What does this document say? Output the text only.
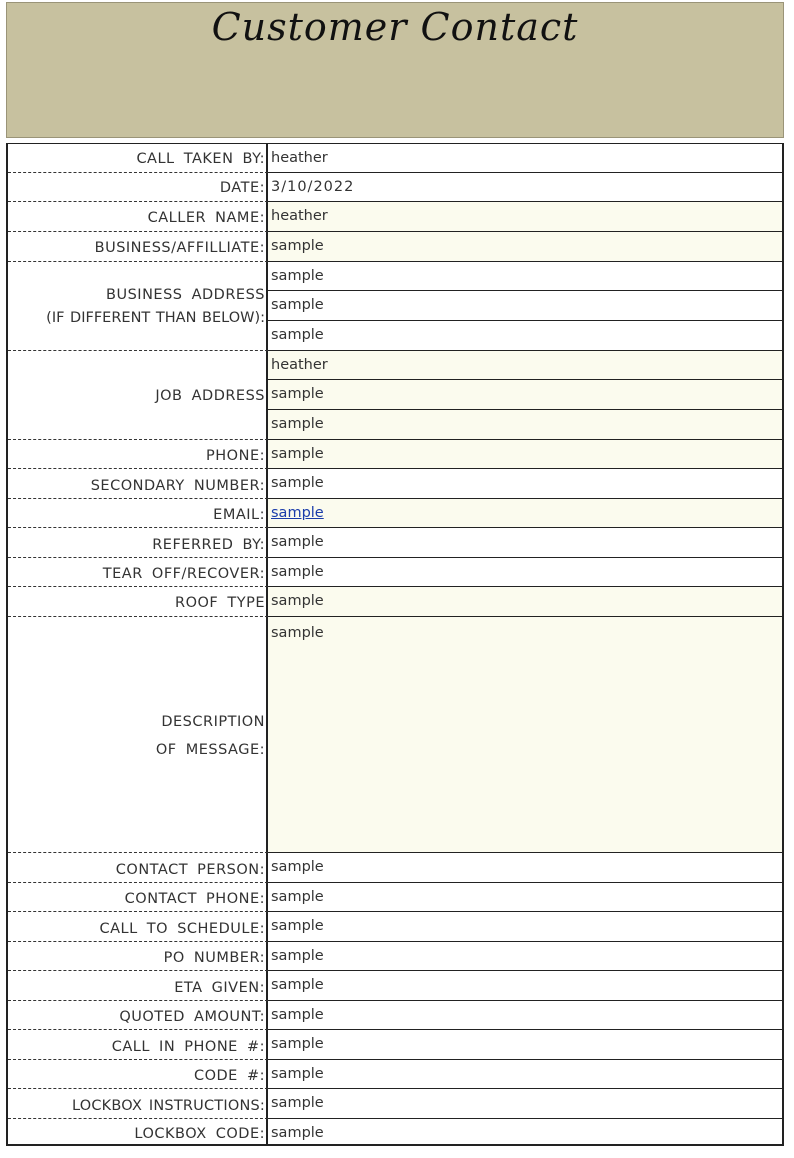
Customer Contact
CALL TAKEN BY: heather
DATE: 3/10/2022
CALLER NAME: heather
BUSINESS/AFFILLIATE: sample
BUSINESS ADDRESS
(IF DIFFERENT THAN BELOW):
sample
sample
sample
JOB ADDRESS
heather
sample
sample
PHONE: sample
SECONDARY NUMBER: sample
EMAIL: sample
REFERRED BY: sample
TEAR OFF/RECOVER: sample
ROOF TYPE sample
DESCRIPTION
OF MESSAGE:
sample
CONTACT PERSON: sample
CONTACT PHONE: sample
CALL TO SCHEDULE: sample
PO NUMBER: sample
ETA GIVEN: sample
QUOTED AMOUNT: sample
CALL IN PHONE #: sample
CODE #: sample
LOCKBOX INSTRUCTIONS: sample
LOCKBOX CODE: sample
